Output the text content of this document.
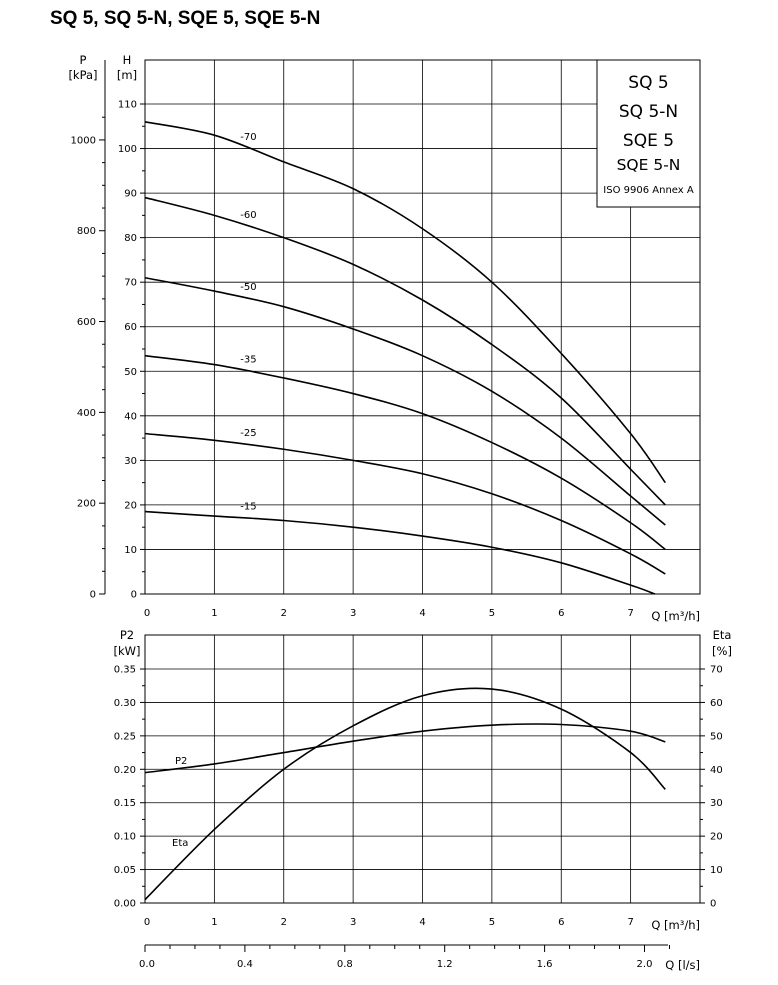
SQ 5, SQ 5-N, SQE 5, SQE 5-N
0
10
20
30
40
50
60
70
80
90
100
110
0
200
400
600
800
1000
P
[kPa]
H
[m]
0	1	2	3	4	5	6	7 Q [m³/h]
-70
-60
-50
-35
-25
-15
SQ 5
SQ 5-N
SQE 5
SQE 5-N
ISO 9906 Annex A
0.00
0.05
0.10
0.15
0.20
0.25
0.30
0.35
0
10
20
30
40
50
60
70
P2
[kW]
Eta
[%]
0	1	2	3	4	5	6	7 Q [m³/h]
P2
Eta
0.0	0.4	0.8	1.2	1.6	2.0 Q [l/s]
